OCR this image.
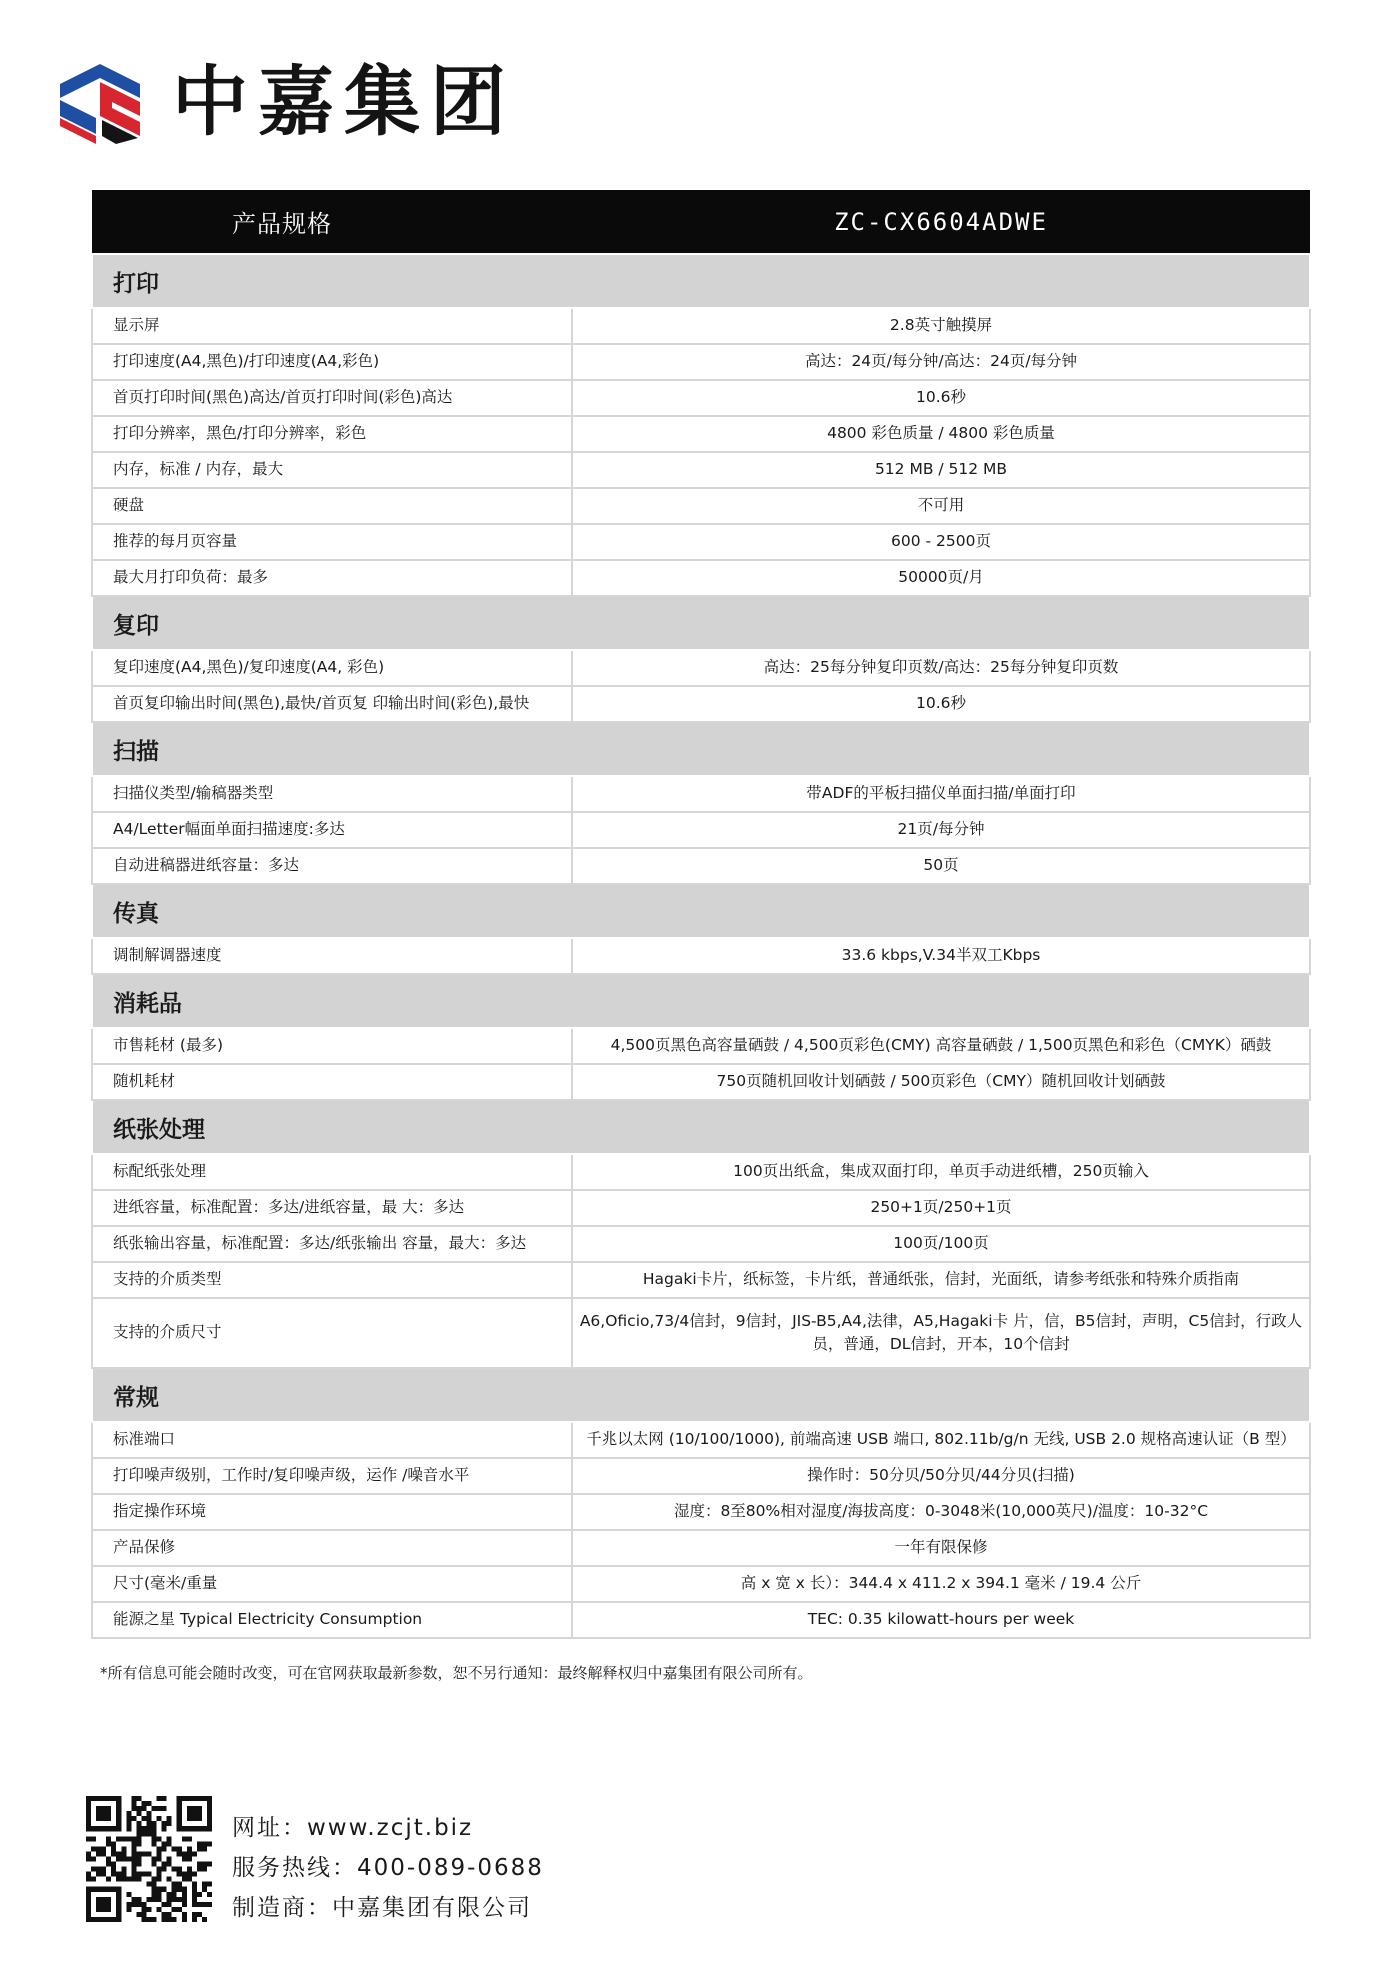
中嘉集团
产品规格	ZC-CX6604ADWE
打印	
显示屏	2.8英寸触摸屏
打印速度(A4,黑色)/打印速度(A4,彩色)	高达：24页/每分钟/高达：24页/每分钟
首页打印时间(黑色)高达/首页打印时间(彩色)高达	10.6秒
打印分辨率，黑色/打印分辨率，彩色	4800 彩色质量 / 4800 彩色质量
内存，标准 / 内存，最大	512 MB / 512 MB
硬盘	不可用
推荐的每月页容量	600 - 2500页
最大月打印负荷：最多	50000页/月
复印	
复印速度(A4,黑色)/复印速度(A4, 彩色)	高达：25每分钟复印页数/高达：25每分钟复印页数
首页复印输出时间(黑色),最快/首页复 印输出时间(彩色),最快	10.6秒
扫描	
扫描仪类型/输稿器类型	带ADF的平板扫描仪单面扫描/单面打印
A4/Letter幅面单面扫描速度:多达	21页/每分钟
自动进稿器进纸容量：多达	50页
传真	
调制解调器速度	33.6 kbps,V.34半双工Kbps
消耗品	
市售耗材 (最多)	4,500页黑色高容量硒鼓 / 4,500页彩色(CMY) 高容量硒鼓 / 1,500页黑色和彩色（CMYK）硒鼓
随机耗材	750页随机回收计划硒鼓 / 500页彩色（CMY）随机回收计划硒鼓
纸张处理	
标配纸张处理	100页出纸盒，集成双面打印，单页手动进纸槽，250页输入
进纸容量，标准配置：多达/进纸容量，最 大：多达	250+1页/250+1页
纸张输出容量，标准配置：多达/纸张输出 容量，最大：多达	100页/100页
支持的介质类型	Hagaki卡片，纸标签，卡片纸，普通纸张，信封，光面纸，请参考纸张和特殊介质指南
支持的介质尺寸	A6,Oficio,73/4信封，9信封，JIS-B5,A4,法律，A5,Hagaki卡 片，信，B5信封，声明，C5信封，行政人员，普通，DL信封，开本，10个信封
常规	
标准端口	千兆以太网 (10/100/1000), 前端高速 USB 端口, 802.11b/g/n 无线, USB 2.0 规格高速认证（B 型）
打印噪声级别，工作时/复印噪声级，运作 /噪音水平	操作时：50分贝/50分贝/44分贝(扫描)
指定操作环境	湿度：8至80%相对湿度/海拔高度：0-3048米(10,000英尺)/温度：10-32°C
产品保修	一年有限保修
尺寸(毫米/重量	高 x 宽 x 长）：344.4 x 411.2 x 394.1 毫米 / 19.4 公斤
能源之星 Typical Electricity Consumption	TEC: 0.35 kilowatt-hours per week
*所有信息可能会随时改变，可在官网获取最新参数，恕不另行通知：最终解释权归中嘉集团有限公司所有。
网址：www.zcjt.biz
服务热线：400-089-0688
制造商：中嘉集团有限公司
